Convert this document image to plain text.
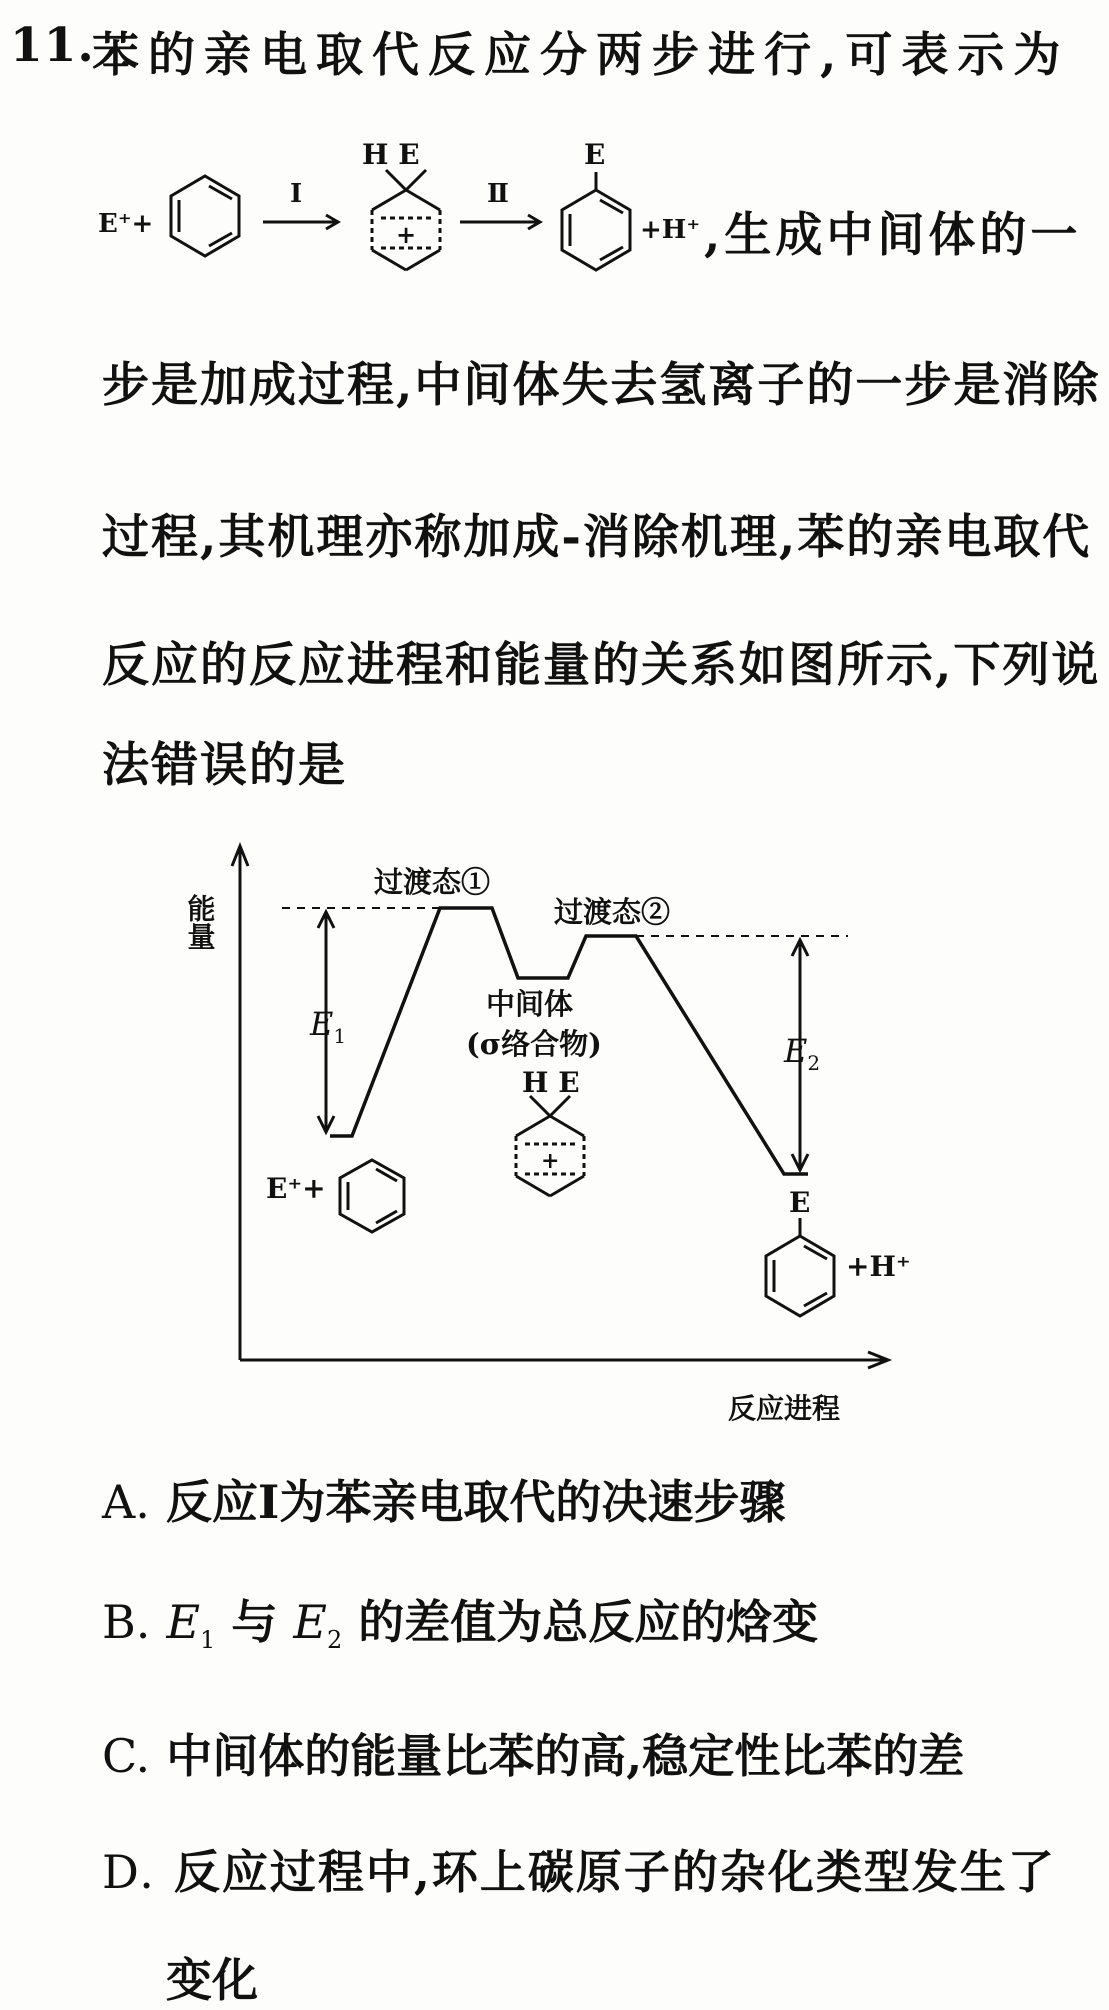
11.
苯的亲电取代反应分两步进行,可表示为
E⁺+
Ⅰ
H E
+
Ⅱ
E
+H⁺ ,生成中间体的一
步是加成过程,中间体失去氢离子的一步是消除
过程,其机理亦称加成-消除机理,苯的亲电取代
反应的反应进程和能量的关系如图所示,下列说
法错误的是
能量
反应进程
$E_1$	$E_2$
过渡态①
过渡态②
中间体
(σ络合物)
H E
+
E⁺+	E
+H⁺
A. 反应Ⅰ为苯亲电取代的决速步骤
B. $E_1$ 与 $E_2$ 的差值为总反应的焓变
C. 中间体的能量比苯的高,稳定性比苯的差
D. 反应过程中,环上碳原子的杂化类型发生了
变化
